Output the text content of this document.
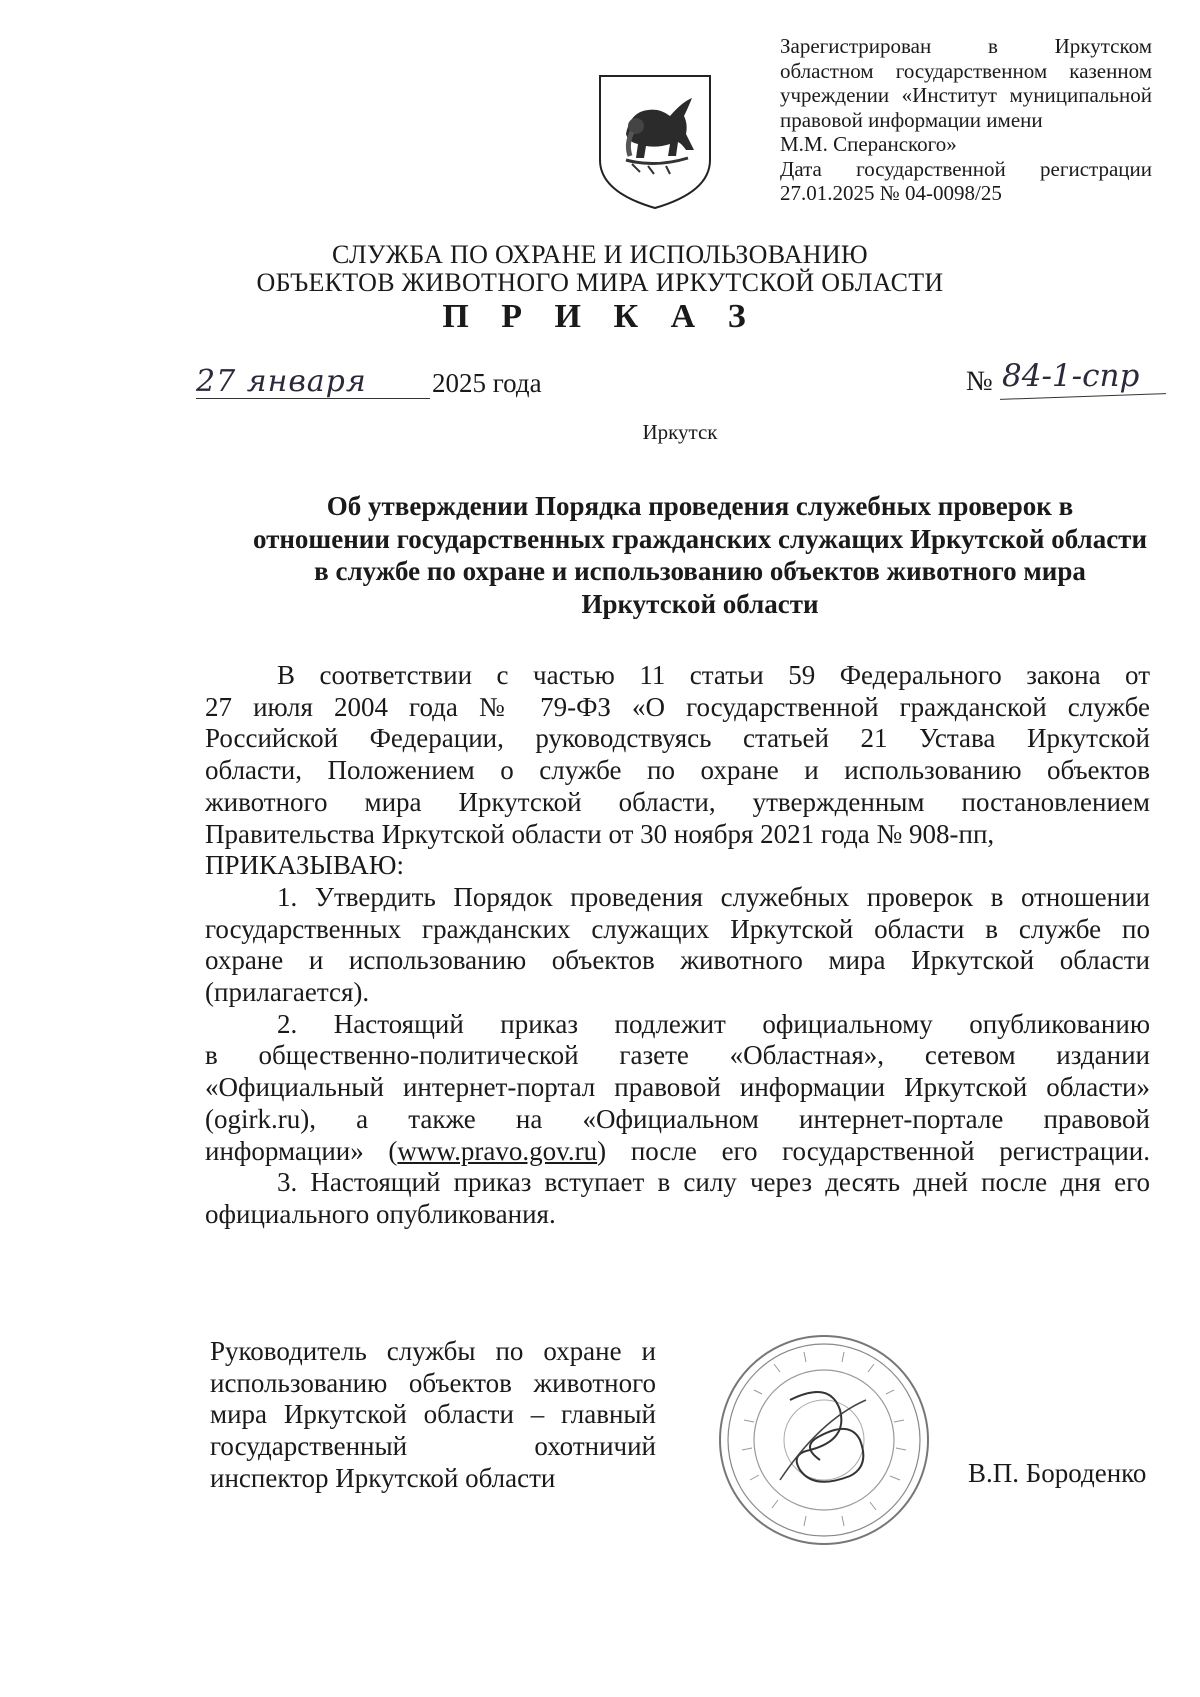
Зарегистрирован в Иркутском
областном государственном казенном
учреждении «Институт муниципальной
правовой информации имени
М.М. Сперанского»
Дата государственной регистрации
27.01.2025 № 04-0098/25
СЛУЖБА ПО ОХРАНЕ И ИСПОЛЬЗОВАНИЮ
ОБЪЕКТОВ ЖИВОТНОГО МИРА ИРКУТСКОЙ ОБЛАСТИ
П Р И К А З
27 января 2025 года	№ 84-1-спр
Иркутск
Об утверждении Порядка проведения служебных проверок в
отношении государственных гражданских служащих Иркутской области
в службе по охране и использованию объектов животного мира
Иркутской области
В соответствии с частью 11 статьи 59 Федерального закона от
27 июля 2004 года № 79-ФЗ «О государственной гражданской службе
Российской Федерации, руководствуясь статьей 21 Устава Иркутской
области, Положением о службе по охране и использованию объектов
животного мира Иркутской области, утвержденным постановлением
Правительства Иркутской области от 30 ноября 2021 года № 908-пп,
ПРИКАЗЫВАЮ:
1. Утвердить Порядок проведения служебных проверок в отношении
государственных гражданских служащих Иркутской области в службе по
охране и использованию объектов животного мира Иркутской области
(прилагается).
2. Настоящий приказ подлежит официальному опубликованию
в общественно-политической газете «Областная», сетевом издании
«Официальный интернет-портал правовой информации Иркутской области»
(ogirk.ru), а также на «Официальном интернет-портале правовой
информации» (www.pravo.gov.ru) после его государственной регистрации.
3. Настоящий приказ вступает в силу через десять дней после дня его
официального опубликования.
Руководитель службы по охране и
использованию объектов животного
мира Иркутской области – главный
государственный охотничий
инспектор Иркутской области	В.П. Бороденко
